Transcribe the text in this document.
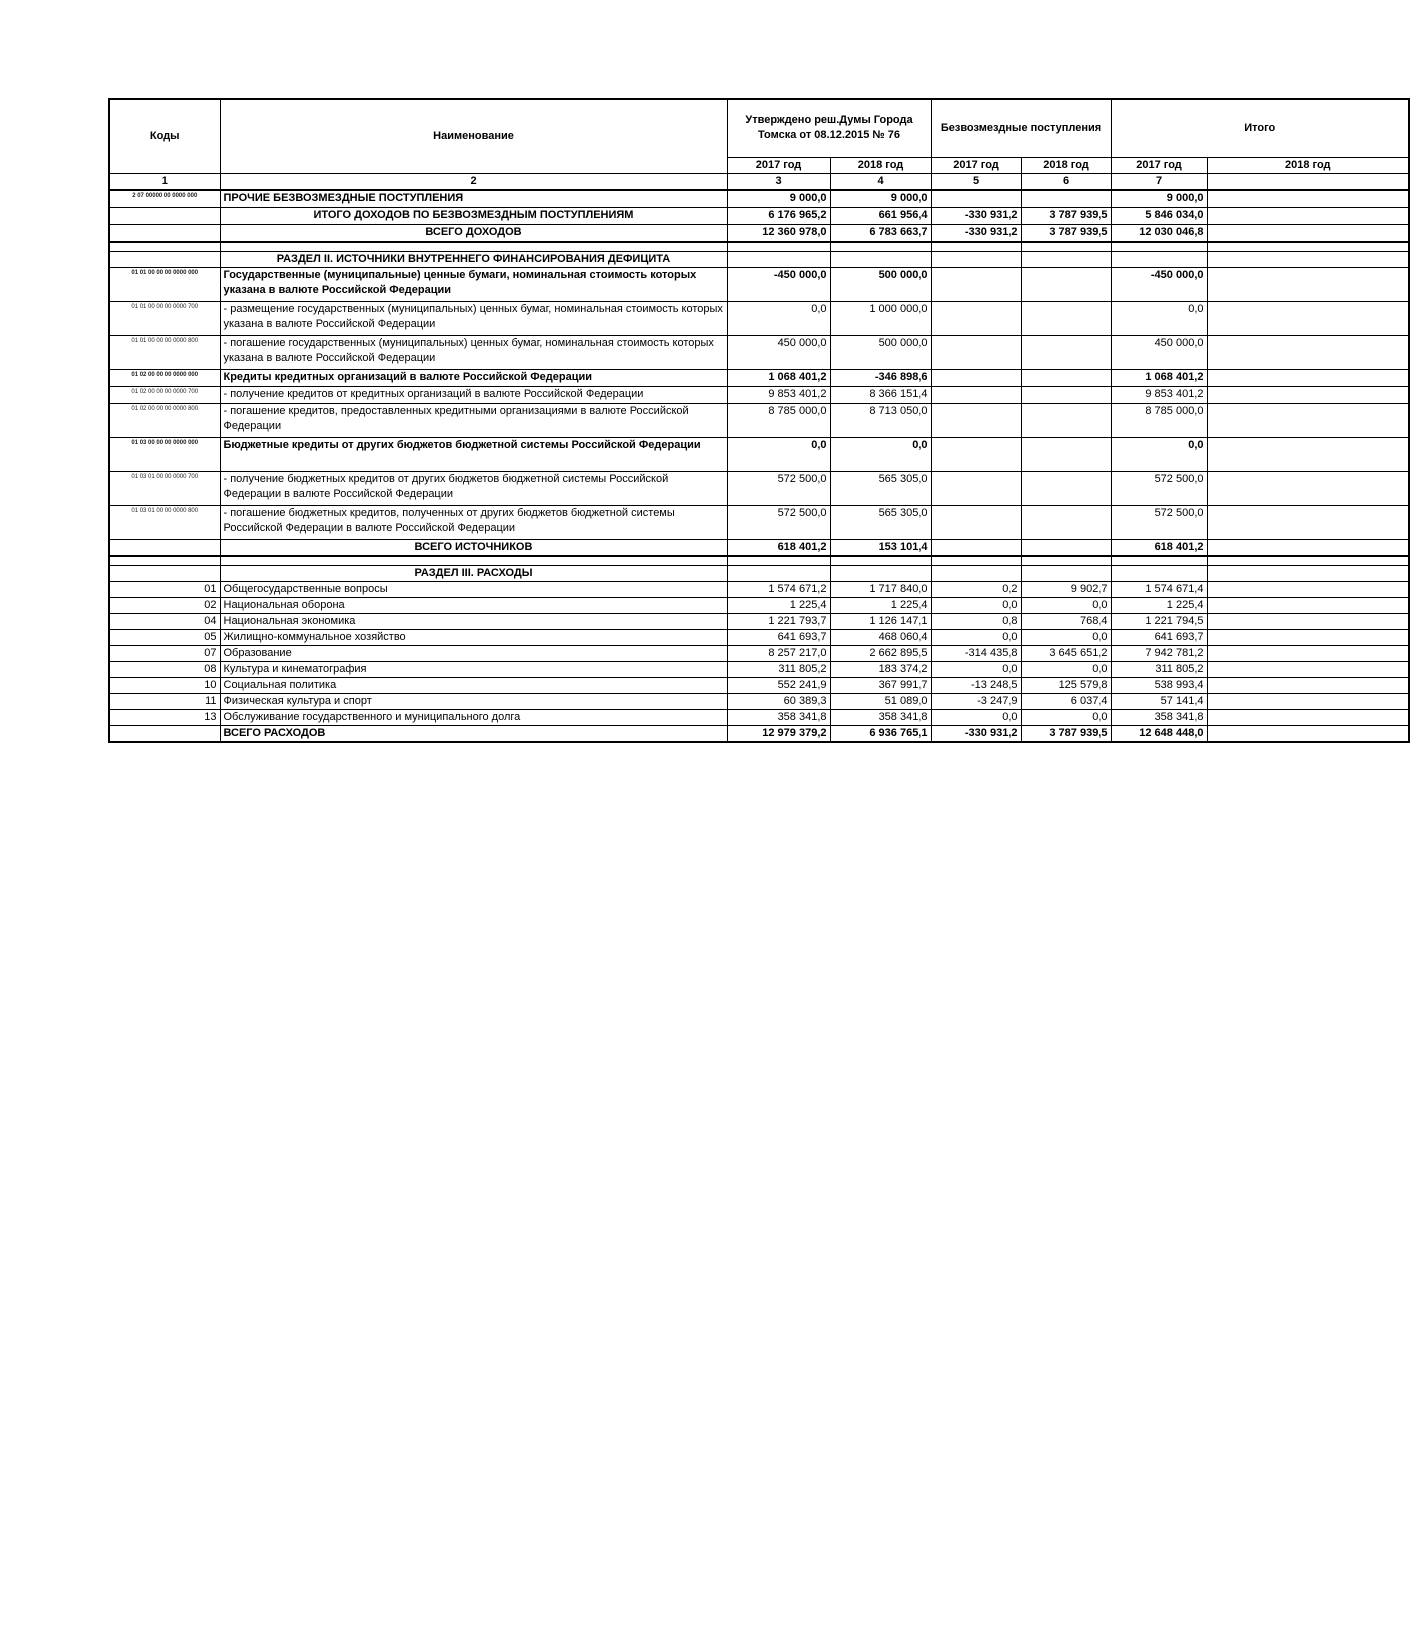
Коды	Наименование	Утверждено реш.Думы Города Томска от 08.12.2015 № 76		Безвозмездные поступления		Итого	
		2017 год	2018 год	2017 год	2018 год	2017 год	2018 год
1	2	3	4	5	6	7	
2 07 00000 00 0000 000	ПРОЧИЕ БЕЗВОЗМЕЗДНЫЕ ПОСТУПЛЕНИЯ	9 000,0	9 000,0			9 000,0	
	ИТОГО ДОХОДОВ ПО БЕЗВОЗМЕЗДНЫМ ПОСТУПЛЕНИЯМ	6 176 965,2	661 956,4	-330 931,2	3 787 939,5	5 846 034,0	
	ВСЕГО ДОХОДОВ	12 360 978,0	6 783 663,7	-330 931,2	3 787 939,5	12 030 046,8	

	РАЗДЕЛ II. ИСТОЧНИКИ ВНУТРЕННЕГО ФИНАНСИРОВАНИЯ ДЕФИЦИТА						
01 01 00 00 00 0000 000	Государственные (муниципальные) ценные бумаги, номинальная стоимость которых указана в валюте Российской Федерации	-450 000,0	500 000,0			-450 000,0	
01 01 00 00 00 0000 700	- размещение государственных (муниципальных) ценных бумаг, номинальная стоимость которых указана в валюте Российской Федерации	0,0	1 000 000,0			0,0	
01 01 00 00 00 0000 800	- погашение государственных (муниципальных) ценных бумаг, номинальная стоимость которых указана в валюте Российской Федерации	450 000,0	500 000,0			450 000,0	
01 02 00 00 00 0000 000	Кредиты кредитных организаций в валюте Российской Федерации	1 068 401,2	-346 898,6			1 068 401,2	
01 02 00 00 00 0000 700	- получение кредитов от кредитных организаций в валюте Российской Федерации	9 853 401,2	8 366 151,4			9 853 401,2	
01 02 00 00 00 0000 800	- погашение кредитов, предоставленных кредитными организациями в валюте Российской Федерации	8 785 000,0	8 713 050,0			8 785 000,0	
01 03 00 00 00 0000 000	Бюджетные кредиты от других бюджетов бюджетной системы Российской Федерации	0,0	0,0			0,0	
01 03 01 00 00 0000 700	- получение бюджетных кредитов от других бюджетов бюджетной системы Российской Федерации в валюте Российской Федерации	572 500,0	565 305,0			572 500,0	
01 03 01 00 00 0000 800	- погашение бюджетных кредитов, полученных от других бюджетов бюджетной системы Российской Федерации в валюте Российской Федерации	572 500,0	565 305,0			572 500,0	
	ВСЕГО ИСТОЧНИКОВ	618 401,2	153 101,4			618 401,2	

	РАЗДЕЛ III. РАСХОДЫ						
01	Общегосударственные вопросы	1 574 671,2	1 717 840,0	0,2	9 902,7	1 574 671,4	
02	Национальная оборона	1 225,4	1 225,4	0,0	0,0	1 225,4	
04	Национальная экономика	1 221 793,7	1 126 147,1	0,8	768,4	1 221 794,5	
05	Жилищно-коммунальное хозяйство	641 693,7	468 060,4	0,0	0,0	641 693,7	
07	Образование	8 257 217,0	2 662 895,5	-314 435,8	3 645 651,2	7 942 781,2	
08	Культура и кинематография	311 805,2	183 374,2	0,0	0,0	311 805,2	
10	Социальная политика	552 241,9	367 991,7	-13 248,5	125 579,8	538 993,4	
11	Физическая культура и спорт	60 389,3	51 089,0	-3 247,9	6 037,4	57 141,4	
13	Обслуживание государственного и муниципального долга	358 341,8	358 341,8	0,0	0,0	358 341,8	
	ВСЕГО РАСХОДОВ	12 979 379,2	6 936 765,1	-330 931,2	3 787 939,5	12 648 448,0	
